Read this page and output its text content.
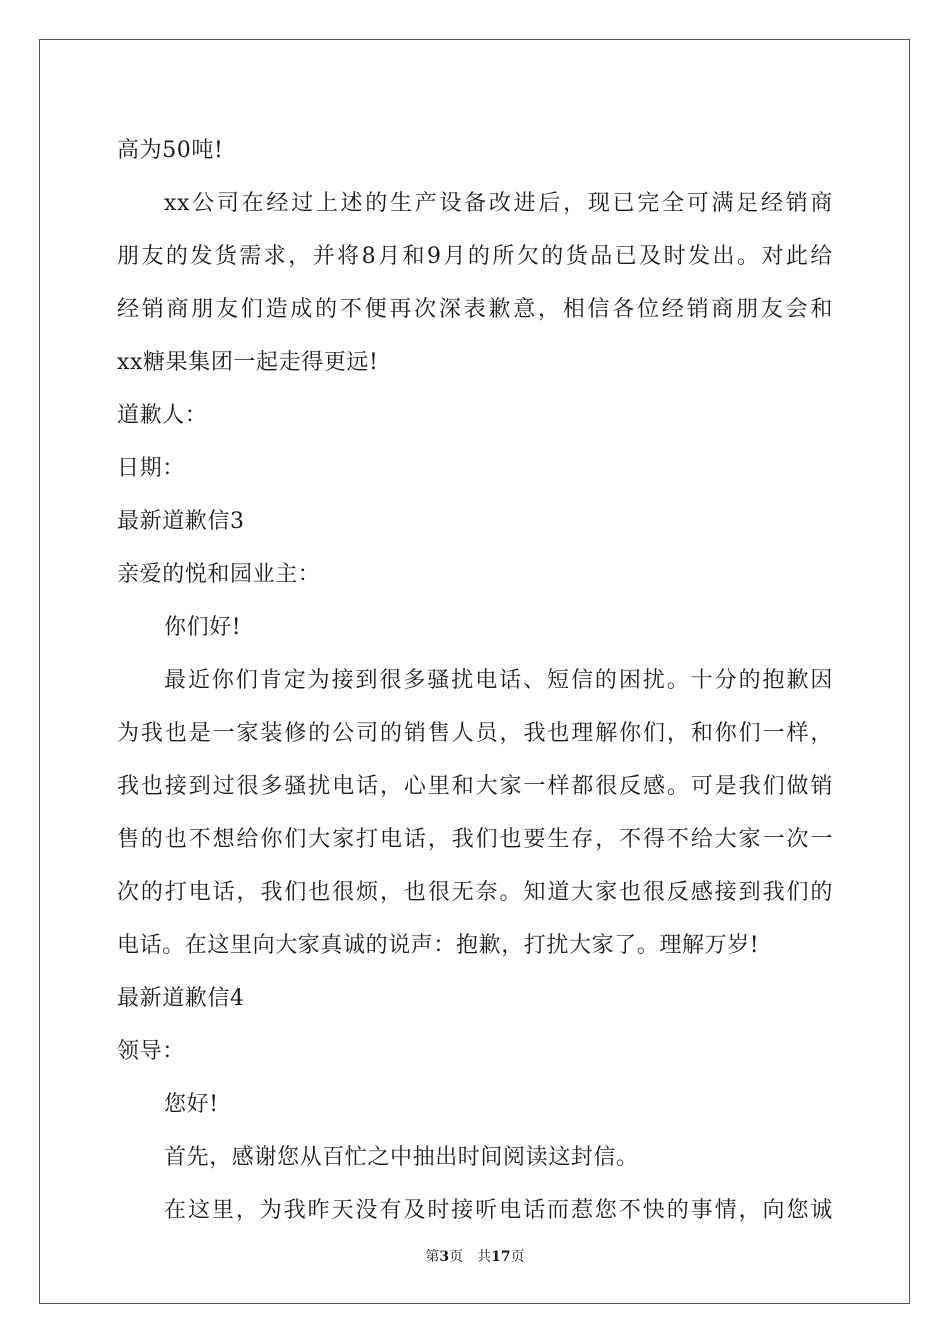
高为50吨!
xx公司在经过上述的生产设备改进后，现已完全可满足经销商
朋友的发货需求，并将8月和9月的所欠的货品已及时发出。对此给
经销商朋友们造成的不便再次深表歉意，相信各位经销商朋友会和
xx糖果集团一起走得更远!
道歉人：
日期：
最新道歉信3
亲爱的悦和园业主：
你们好!
最近你们肯定为接到很多骚扰电话、短信的困扰。十分的抱歉因
为我也是一家装修的公司的销售人员，我也理解你们，和你们一样，
我也接到过很多骚扰电话，心里和大家一样都很反感。可是我们做销
售的也不想给你们大家打电话，我们也要生存，不得不给大家一次一
次的打电话，我们也很烦，也很无奈。知道大家也很反感接到我们的
电话。在这里向大家真诚的说声：抱歉，打扰大家了。理解万岁!
最新道歉信4
领导：
您好!
首先，感谢您从百忙之中抽出时间阅读这封信。
在这里，为我昨天没有及时接听电话而惹您不快的事情，向您诚
第3页 共17页
